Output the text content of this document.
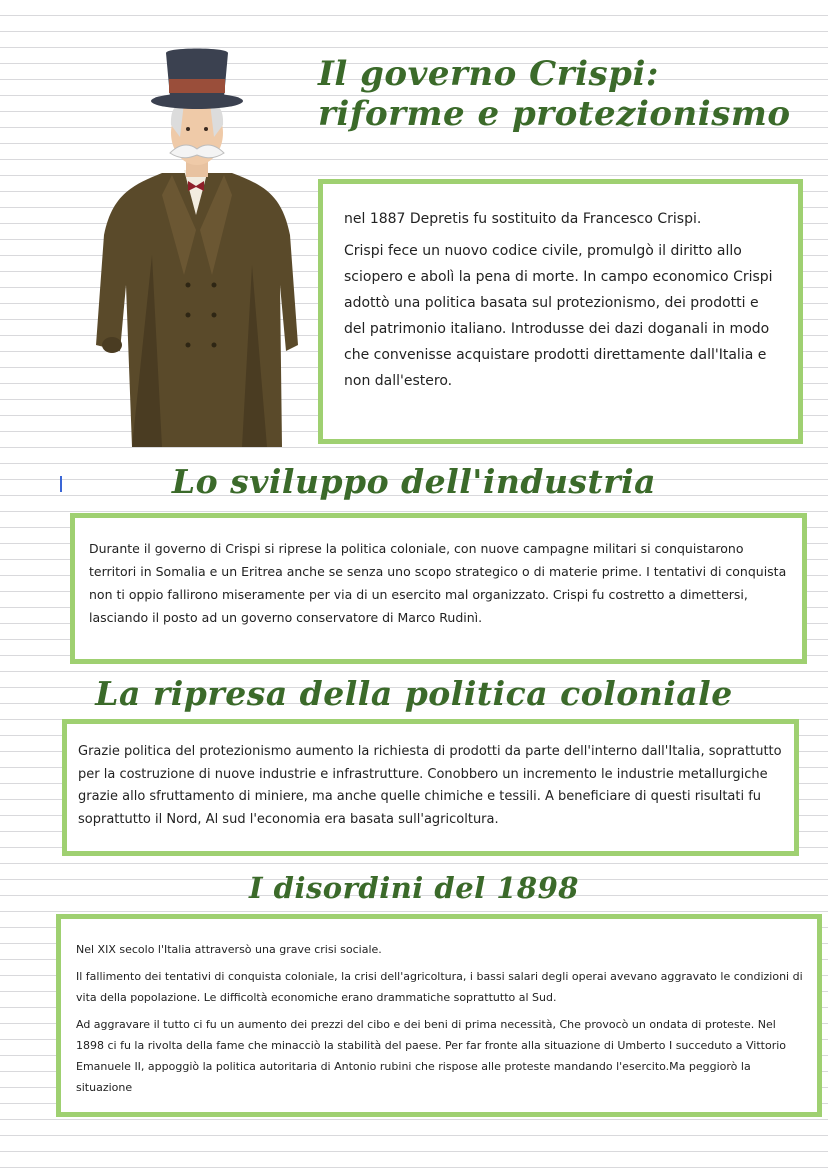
Il governo Crispi:
riforme e protezionismo

nel 1887 Depretis fu sostituito da Francesco Crispi.

Crispi fece un nuovo codice civile, promulgò il diritto allo sciopero e abolì la pena di morte. In campo economico Crispi adottò una politica basata sul protezionismo, dei prodotti e del patrimonio italiano. Introdusse dei dazi doganali in modo che convenisse acquistare prodotti direttamente dall'Italia e non dall'estero.

Lo sviluppo dell'industria

Durante il governo di Crispi si riprese la politica coloniale, con nuove campagne militari si conquistarono territori in Somalia e un Eritrea anche se senza uno scopo strategico o di materie prime. I tentativi di conquista non ti oppio fallirono miseramente per via di un esercito mal organizzato. Crispi fu costretto a dimettersi, lasciando il posto ad un governo conservatore di Marco Rudinì.

La ripresa della politica coloniale

Grazie politica del protezionismo aumento la richiesta di prodotti da parte dell'interno dall'Italia, soprattutto per la costruzione di nuove industrie e infrastrutture. Conobbero un incremento le industrie metallurgiche grazie allo sfruttamento di miniere, ma anche quelle chimiche e tessili. A beneficiare di questi risultati fu soprattutto il Nord, Al sud l'economia era basata sull'agricoltura.

I disordini del 1898

Nel XIX secolo l'Italia attraversò una grave crisi sociale.

Il fallimento dei tentativi di conquista coloniale, la crisi dell'agricoltura, i bassi salari degli operai avevano aggravato le condizioni di vita della popolazione. Le difficoltà economiche erano drammatiche soprattutto al Sud.

Ad aggravare il tutto ci fu un aumento dei prezzi del cibo e dei beni di prima necessità, Che provocò un ondata di proteste. Nel 1898 ci fu la rivolta della fame che minacciò la stabilità del paese. Per far fronte alla situazione di Umberto I succeduto a Vittorio Emanuele II, appoggiò la politica autoritaria di Antonio rubini che rispose alle proteste mandando l'esercito.Ma peggiorò la situazione
